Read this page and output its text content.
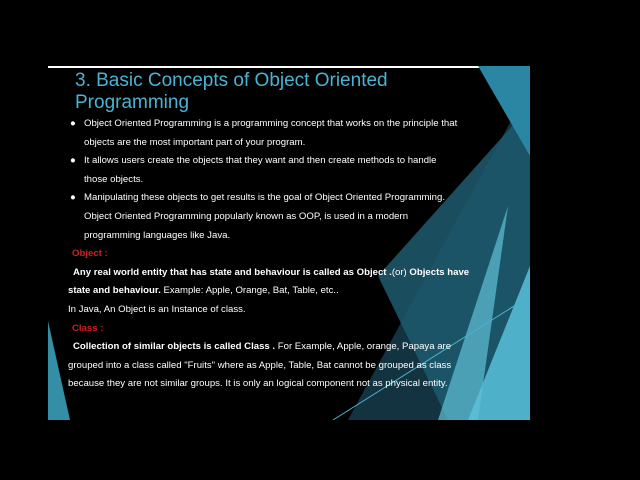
3. Basic Concepts of Object Oriented
Programming
● Object Oriented Programming is a programming concept that works on the principle that
objects are the most important part of your program.
● It allows users create the objects that they want and then create methods to handle
those objects.
● Manipulating these objects to get results is the goal of Object Oriented Programming.
Object Oriented Programming popularly known as OOP, is used in a modern
programming languages like Java.
Object :
Any real world entity that has state and behaviour is called as Object .(or) Objects have
state and behaviour. Example: Apple, Orange, Bat, Table, etc..
In Java, An Object is an Instance of class.
Class :
Collection of similar objects is called Class . For Example, Apple, orange, Papaya are
grouped into a class called "Fruits" where as Apple, Table, Bat cannot be grouped as class
because they are not similar groups. It is only an logical component not as physical entity.
